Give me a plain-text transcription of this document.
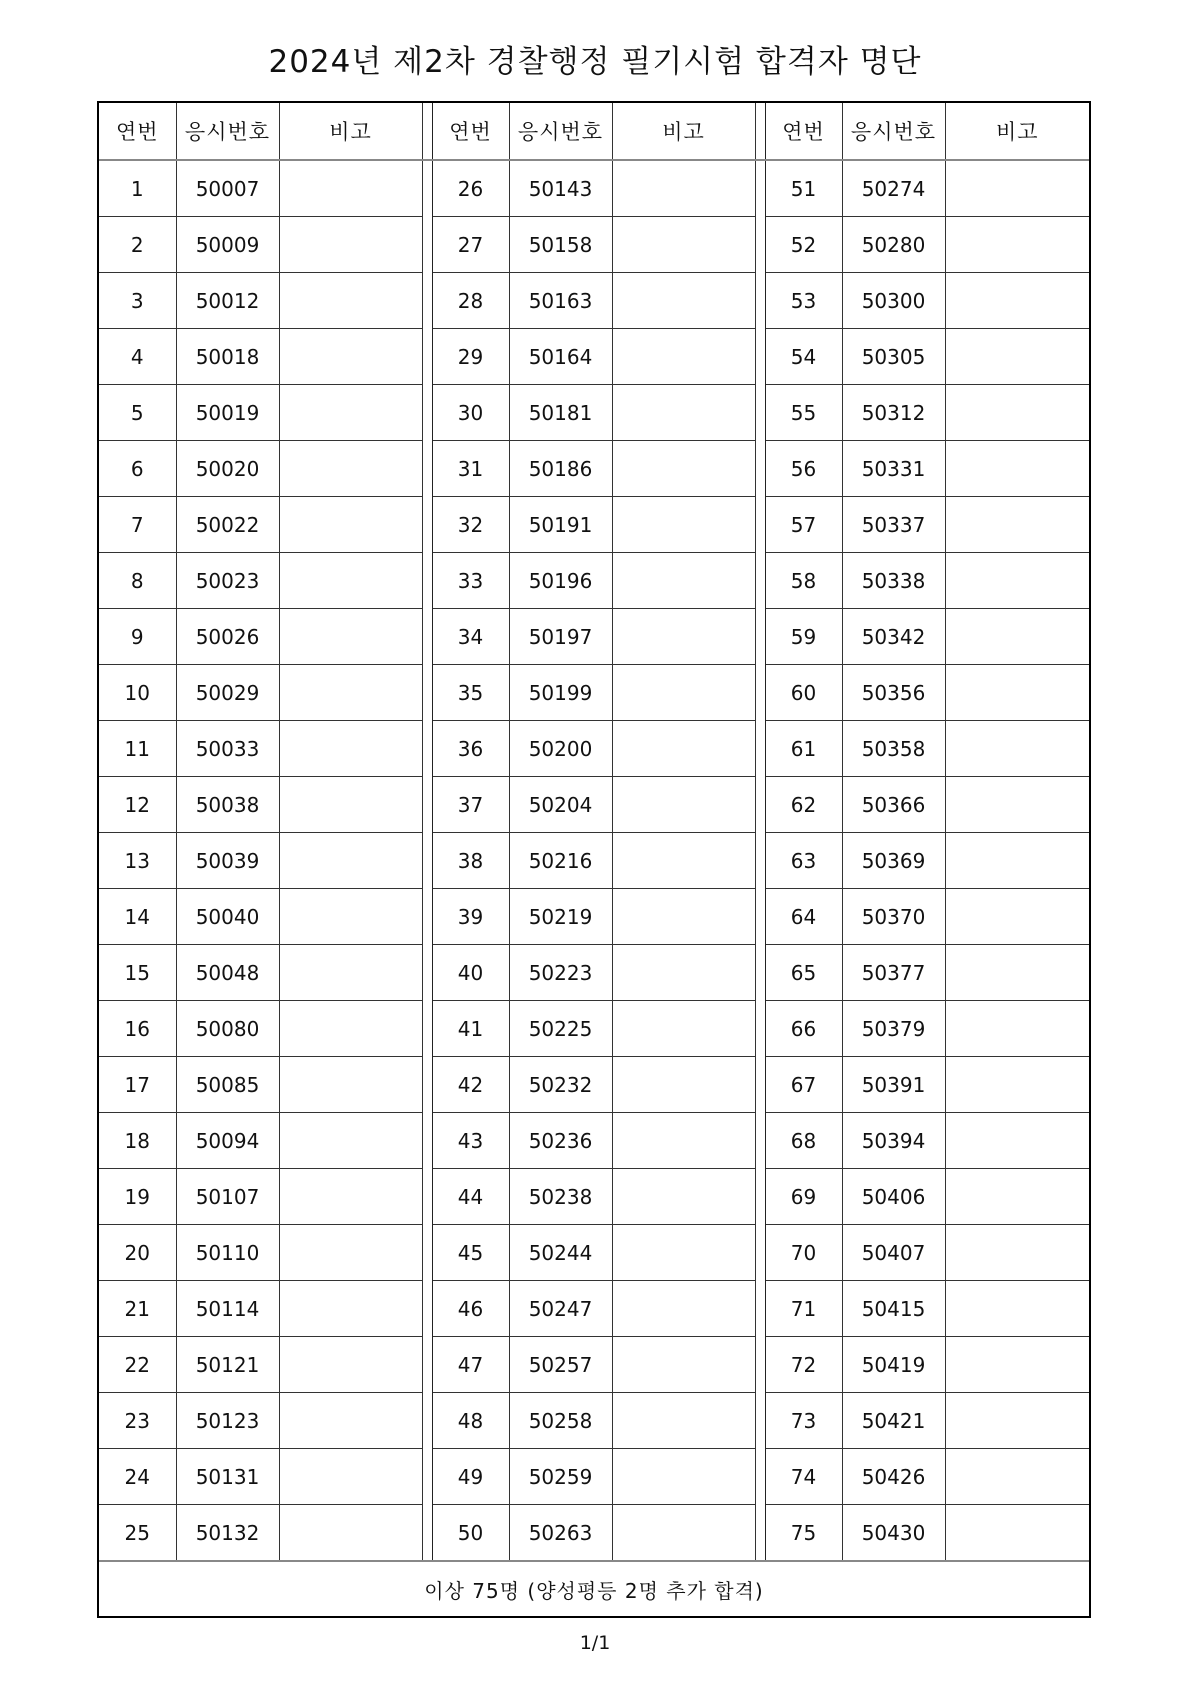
2024년 제2차 경찰행정 필기시험 합격자 명단
연번	응시번호	비고		연번	응시번호	비고		연번	응시번호	비고
1	50007			26	50143			51	50274	
2	50009			27	50158			52	50280	
3	50012			28	50163			53	50300	
4	50018			29	50164			54	50305	
5	50019			30	50181			55	50312	
6	50020			31	50186			56	50331	
7	50022			32	50191			57	50337	
8	50023			33	50196			58	50338	
9	50026			34	50197			59	50342	
10	50029			35	50199			60	50356	
11	50033			36	50200			61	50358	
12	50038			37	50204			62	50366	
13	50039			38	50216			63	50369	
14	50040			39	50219			64	50370	
15	50048			40	50223			65	50377	
16	50080			41	50225			66	50379	
17	50085			42	50232			67	50391	
18	50094			43	50236			68	50394	
19	50107			44	50238			69	50406	
20	50110			45	50244			70	50407	
21	50114			46	50247			71	50415	
22	50121			47	50257			72	50419	
23	50123			48	50258			73	50421	
24	50131			49	50259			74	50426	
25	50132			50	50263			75	50430	
이상 75명 (양성평등 2명 추가 합격)										
1/1
